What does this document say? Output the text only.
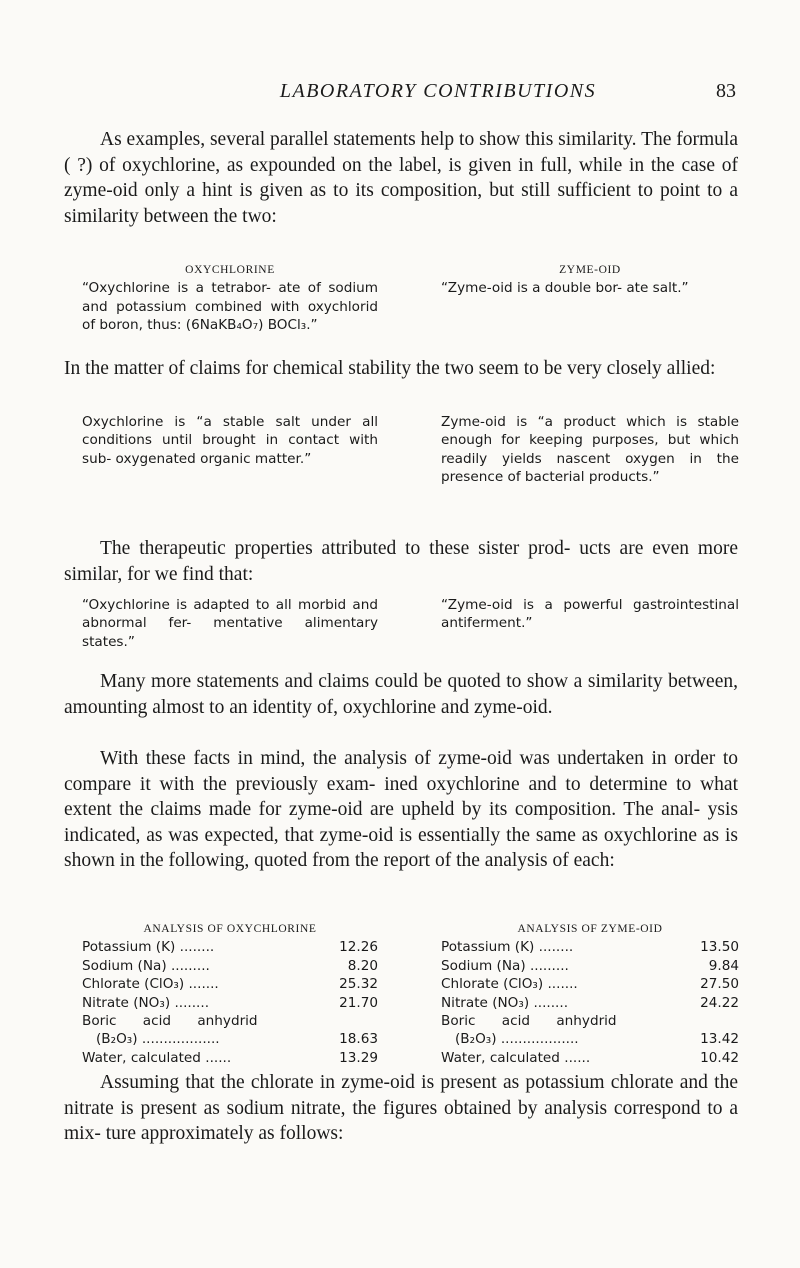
LABORATORY CONTRIBUTIONS	83

As examples, several parallel statements help to show this similarity. The formula ( ?) of oxychlorine, as expounded on the label, is given in full, while in the case of zyme-oid only a hint is given as to its composition, but still sufficient to point to a similarity between the two:

OXYCHLORINE

“Oxychlorine is a tetrabor- ate of sodium and potassium combined with oxychlorid of boron, thus: (6NaKB₄O₇) BOCl₃.”

ZYME-OID

“Zyme-oid is a double bor- ate salt.”

In the matter of claims for chemical stability the two seem to be very closely allied:

Oxychlorine is “a stable salt under all conditions until brought in contact with sub- oxygenated organic matter.”

Zyme-oid is “a product which is stable enough for keeping purposes, but which readily yields nascent oxygen in the presence of bacterial products.”

The therapeutic properties attributed to these sister prod- ucts are even more similar, for we find that:

“Oxychlorine is adapted to all morbid and abnormal fer- mentative alimentary states.”

“Zyme-oid is a powerful gastrointestinal antiferment.”

Many more statements and claims could be quoted to show a similarity between, amounting almost to an identity of, oxychlorine and zyme-oid.

With these facts in mind, the analysis of zyme-oid was undertaken in order to compare it with the previously exam- ined oxychlorine and to determine to what extent the claims made for zyme-oid are upheld by its composition. The anal- ysis indicated, as was expected, that zyme-oid is essentially the same as oxychlorine as is shown in the following, quoted from the report of the analysis of each:

ANALYSIS OF OXYCHLORINE
12.26
Potassium (K) ........
8.20
Sodium (Na) .........
25.32
Chlorate (ClO₃) .......
21.70
Nitrate (NO₃) ........
Boric acid anhydrid
18.63
(B₂O₃) ..................
13.29
Water, calculated ......
ANALYSIS OF ZYME-OID
13.50
Potassium (K) ........
9.84
Sodium (Na) .........
27.50
Chlorate (ClO₃) .......
24.22
Nitrate (NO₃) ........
Boric acid anhydrid
13.42
(B₂O₃) ..................
10.42
Water, calculated ......

Assuming that the chlorate in zyme-oid is present as potassium chlorate and the nitrate is present as sodium nitrate, the figures obtained by analysis correspond to a mix- ture approximately as follows:
